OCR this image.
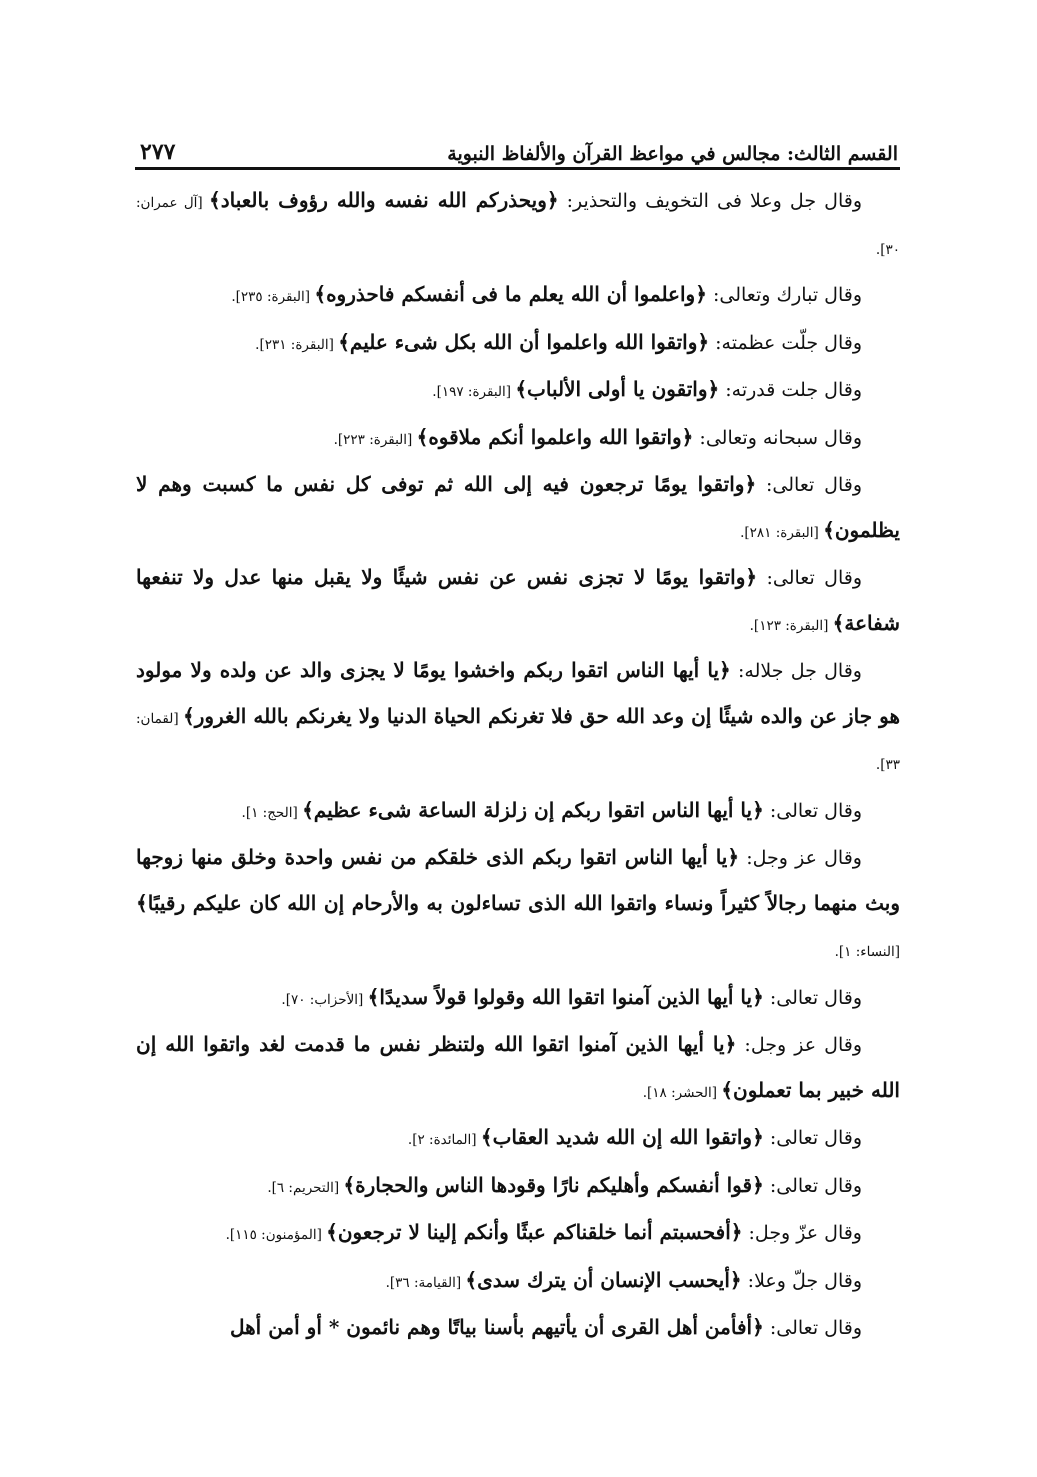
القسم الثالث: مجالس في مواعظ القرآن والألفاظ النبوية
٢٧٧

وقال جل وعلا فى التخويف والتحذير: ﴿ويحذركم الله نفسه والله رؤوف بالعباد﴾ [آل عمران: ٣٠].

وقال تبارك وتعالى: ﴿واعلموا أن الله يعلم ما فى أنفسكم فاحذروه﴾ [البقرة: ٢٣٥].

وقال جلّت عظمته: ﴿واتقوا الله واعلموا أن الله بكل شىء عليم﴾ [البقرة: ٢٣١].

وقال جلت قدرته: ﴿واتقون يا أولى الألباب﴾ [البقرة: ١٩٧].

وقال سبحانه وتعالى: ﴿واتقوا الله واعلموا أنكم ملاقوه﴾ [البقرة: ٢٢٣].

وقال تعالى: ﴿واتقوا يومًا ترجعون فيه إلى الله ثم توفى كل نفس ما كسبت وهم لا يظلمون﴾ [البقرة: ٢٨١].

وقال تعالى: ﴿واتقوا يومًا لا تجزى نفس عن نفس شيئًا ولا يقبل منها عدل ولا تنفعها شفاعة﴾ [البقرة: ١٢٣].

وقال جل جلاله: ﴿يا أيها الناس اتقوا ربكم واخشوا يومًا لا يجزى والد عن ولده ولا مولود هو جاز عن والده شيئًا إن وعد الله حق فلا تغرنكم الحياة الدنيا ولا يغرنكم بالله الغرور﴾ [لقمان: ٣٣].

وقال تعالى: ﴿يا أيها الناس اتقوا ربكم إن زلزلة الساعة شىء عظيم﴾ [الحج: ١].

وقال عز وجل: ﴿يا أيها الناس اتقوا ربكم الذى خلقكم من نفس واحدة وخلق منها زوجها وبث منهما رجالاً كثيراً ونساء واتقوا الله الذى تساءلون به والأرحام إن الله كان عليكم رقيبًا﴾ [النساء: ١].

وقال تعالى: ﴿يا أيها الذين آمنوا اتقوا الله وقولوا قولاً سديدًا﴾ [الأحزاب: ٧٠].

وقال عز وجل: ﴿يا أيها الذين آمنوا اتقوا الله ولتنظر نفس ما قدمت لغد واتقوا الله إن الله خبير بما تعملون﴾ [الحشر: ١٨].

وقال تعالى: ﴿واتقوا الله إن الله شديد العقاب﴾ [المائدة: ٢].

وقال تعالى: ﴿قوا أنفسكم وأهليكم نارًا وقودها الناس والحجارة﴾ [التحريم: ٦].

وقال عزّ وجل: ﴿أفحسبتم أنما خلقناكم عبثًا وأنكم إلينا لا ترجعون﴾ [المؤمنون: ١١٥].

وقال جلّ وعلا: ﴿أيحسب الإنسان أن يترك سدى﴾ [القيامة: ٣٦].

وقال تعالى: ﴿أفأمن أهل القرى أن يأتيهم بأسنا بياتًا وهم نائمون * أو أمن أهل
